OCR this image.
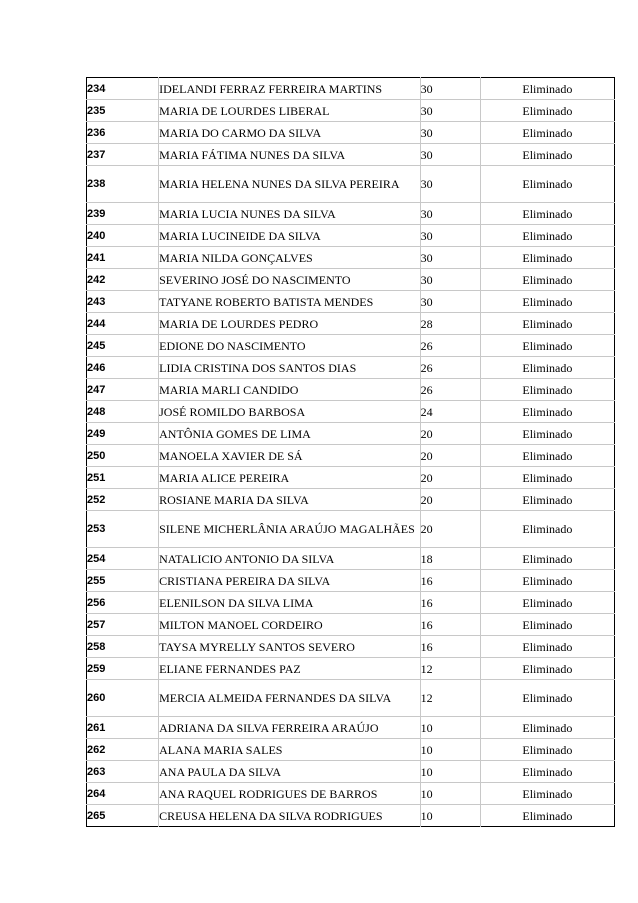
234	IDELANDI FERRAZ FERREIRA MARTINS	30	Eliminado
235	MARIA DE LOURDES LIBERAL	30	Eliminado
236	MARIA DO CARMO DA SILVA	30	Eliminado
237	MARIA FÁTIMA NUNES DA SILVA	30	Eliminado
238	MARIA HELENA NUNES DA SILVA PEREIRA	30	Eliminado
239	MARIA LUCIA NUNES DA SILVA	30	Eliminado
240	MARIA LUCINEIDE DA SILVA	30	Eliminado
241	MARIA NILDA GONÇALVES	30	Eliminado
242	SEVERINO JOSÉ DO NASCIMENTO	30	Eliminado
243	TATYANE ROBERTO BATISTA MENDES	30	Eliminado
244	MARIA DE LOURDES PEDRO	28	Eliminado
245	EDIONE DO NASCIMENTO	26	Eliminado
246	LIDIA CRISTINA DOS SANTOS DIAS	26	Eliminado
247	MARIA MARLI CANDIDO	26	Eliminado
248	JOSÉ ROMILDO BARBOSA	24	Eliminado
249	ANTÔNIA GOMES DE LIMA	20	Eliminado
250	MANOELA XAVIER DE SÁ	20	Eliminado
251	MARIA ALICE PEREIRA	20	Eliminado
252	ROSIANE MARIA DA SILVA	20	Eliminado
253	SILENE MICHERLÂNIA ARAÚJO MAGALHÃES	20	Eliminado
254	NATALICIO ANTONIO DA SILVA	18	Eliminado
255	CRISTIANA PEREIRA DA SILVA	16	Eliminado
256	ELENILSON DA SILVA LIMA	16	Eliminado
257	MILTON MANOEL CORDEIRO	16	Eliminado
258	TAYSA MYRELLY SANTOS SEVERO	16	Eliminado
259	ELIANE FERNANDES PAZ	12	Eliminado
260	MERCIA ALMEIDA FERNANDES DA SILVA	12	Eliminado
261	ADRIANA DA SILVA FERREIRA ARAÚJO	10	Eliminado
262	ALANA MARIA SALES	10	Eliminado
263	ANA PAULA DA SILVA	10	Eliminado
264	ANA RAQUEL RODRIGUES DE BARROS	10	Eliminado
265	CREUSA HELENA DA SILVA RODRIGUES	10	Eliminado
